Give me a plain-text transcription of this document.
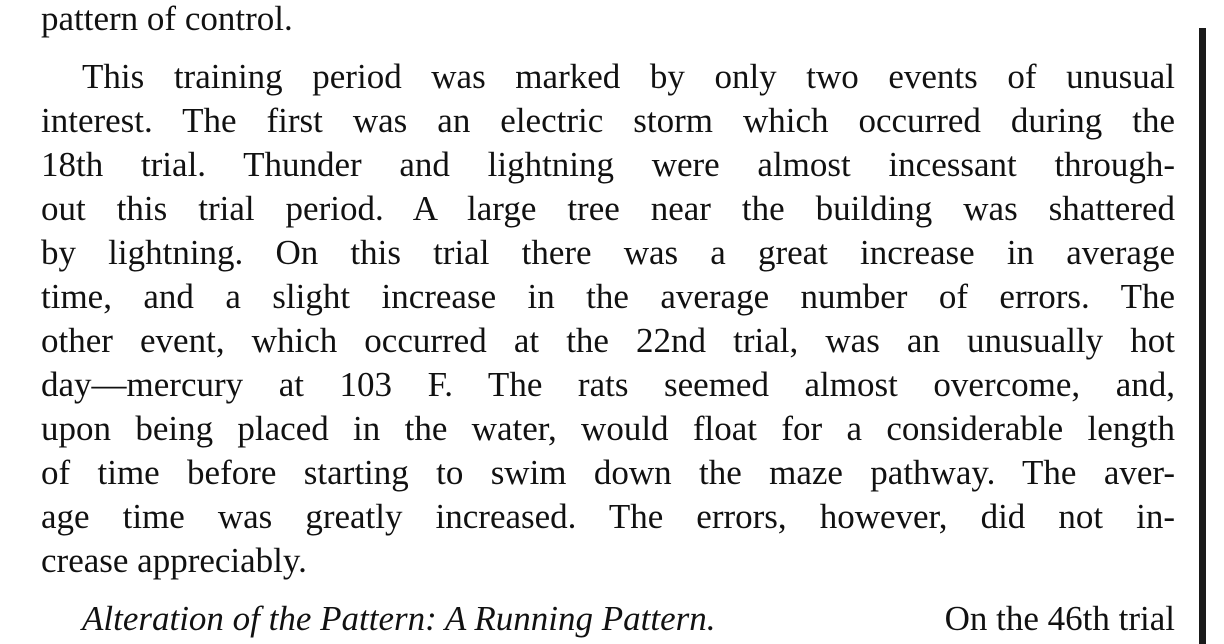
pattern of control.
This training period was marked by only two events of unusual
interest. The first was an electric storm which occurred during the
18th trial. Thunder and lightning were almost incessant through-
out this trial period. A large tree near the building was shattered
by lightning. On this trial there was a great increase in average
time, and a slight increase in the average number of errors. The
other event, which occurred at the 22nd trial, was an unusually hot
day—mercury at 103 F. The rats seemed almost overcome, and,
upon being placed in the water, would float for a considerable length
of time before starting to swim down the maze pathway. The aver-
age time was greatly increased. The errors, however, did not in-
crease appreciably.
Alteration of the Pattern: A Running Pattern.	On the 46th trial
